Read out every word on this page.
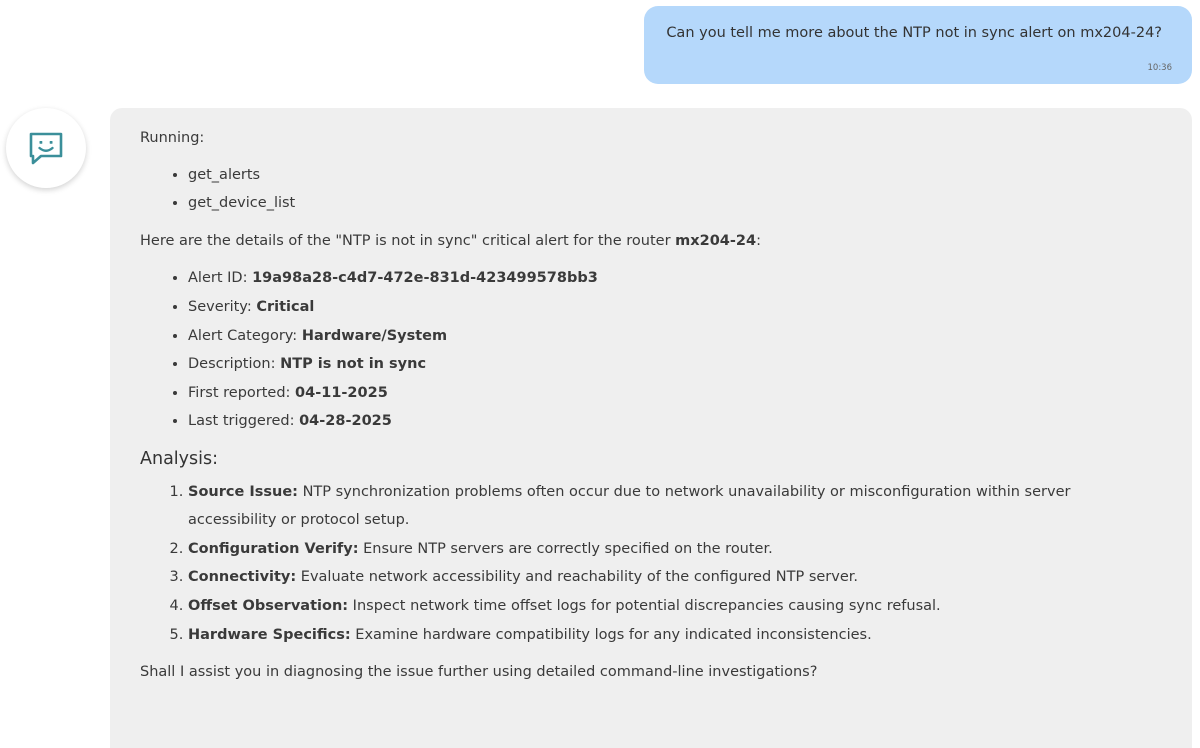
Can you tell me more about the NTP not in sync alert on mx204-24?
10:36

Running:

• get_alerts
• get_device_list

Here are the details of the "NTP is not in sync" critical alert for the router mx204-24:

• Alert ID: 19a98a28-c4d7-472e-831d-423499578bb3
• Severity: Critical
• Alert Category: Hardware/System
• Description: NTP is not in sync
• First reported: 04-11-2025
• Last triggered: 04-28-2025
Analysis:
1. Source Issue: NTP synchronization problems often occur due to network unavailability or misconfiguration within server accessibility or protocol setup.
2. Configuration Verify: Ensure NTP servers are correctly specified on the router.
3. Connectivity: Evaluate network accessibility and reachability of the configured NTP server.
4. Offset Observation: Inspect network time offset logs for potential discrepancies causing sync refusal.
5. Hardware Specifics: Examine hardware compatibility logs for any indicated inconsistencies.

Shall I assist you in diagnosing the issue further using detailed command-line investigations?
